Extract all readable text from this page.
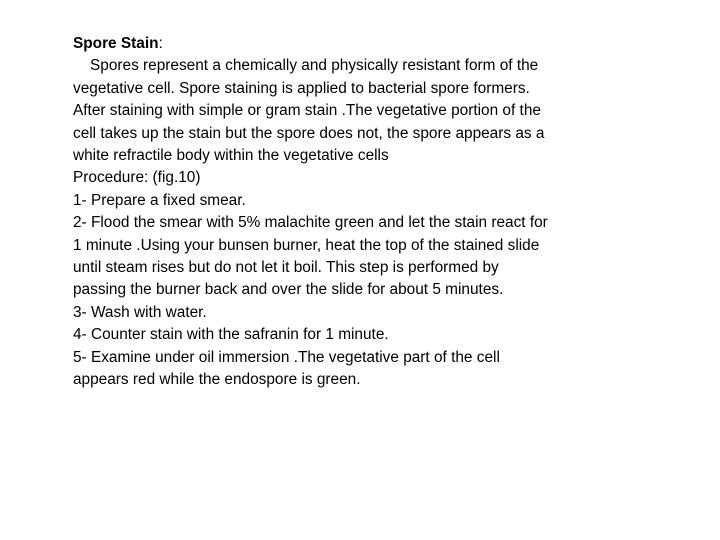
Spore Stain:
Spores represent a chemically and physically resistant form of the
vegetative cell. Spore staining is applied to bacterial spore formers.
After staining with simple or gram stain .The vegetative portion of the
cell takes up the stain but the spore does not, the spore appears as a
white refractile body within the vegetative cells
Procedure: (fig.10)
1- Prepare a fixed smear.
2- Flood the smear with 5% malachite green and let the stain react for
1 minute .Using your bunsen burner, heat the top of the stained slide
until steam rises but do not let it boil. This step is performed by
passing the burner back and over the slide for about 5 minutes.
3- Wash with water.
4- Counter stain with the safranin for 1 minute.
5- Examine under oil immersion .The vegetative part of the cell
appears red while the endospore is green.
